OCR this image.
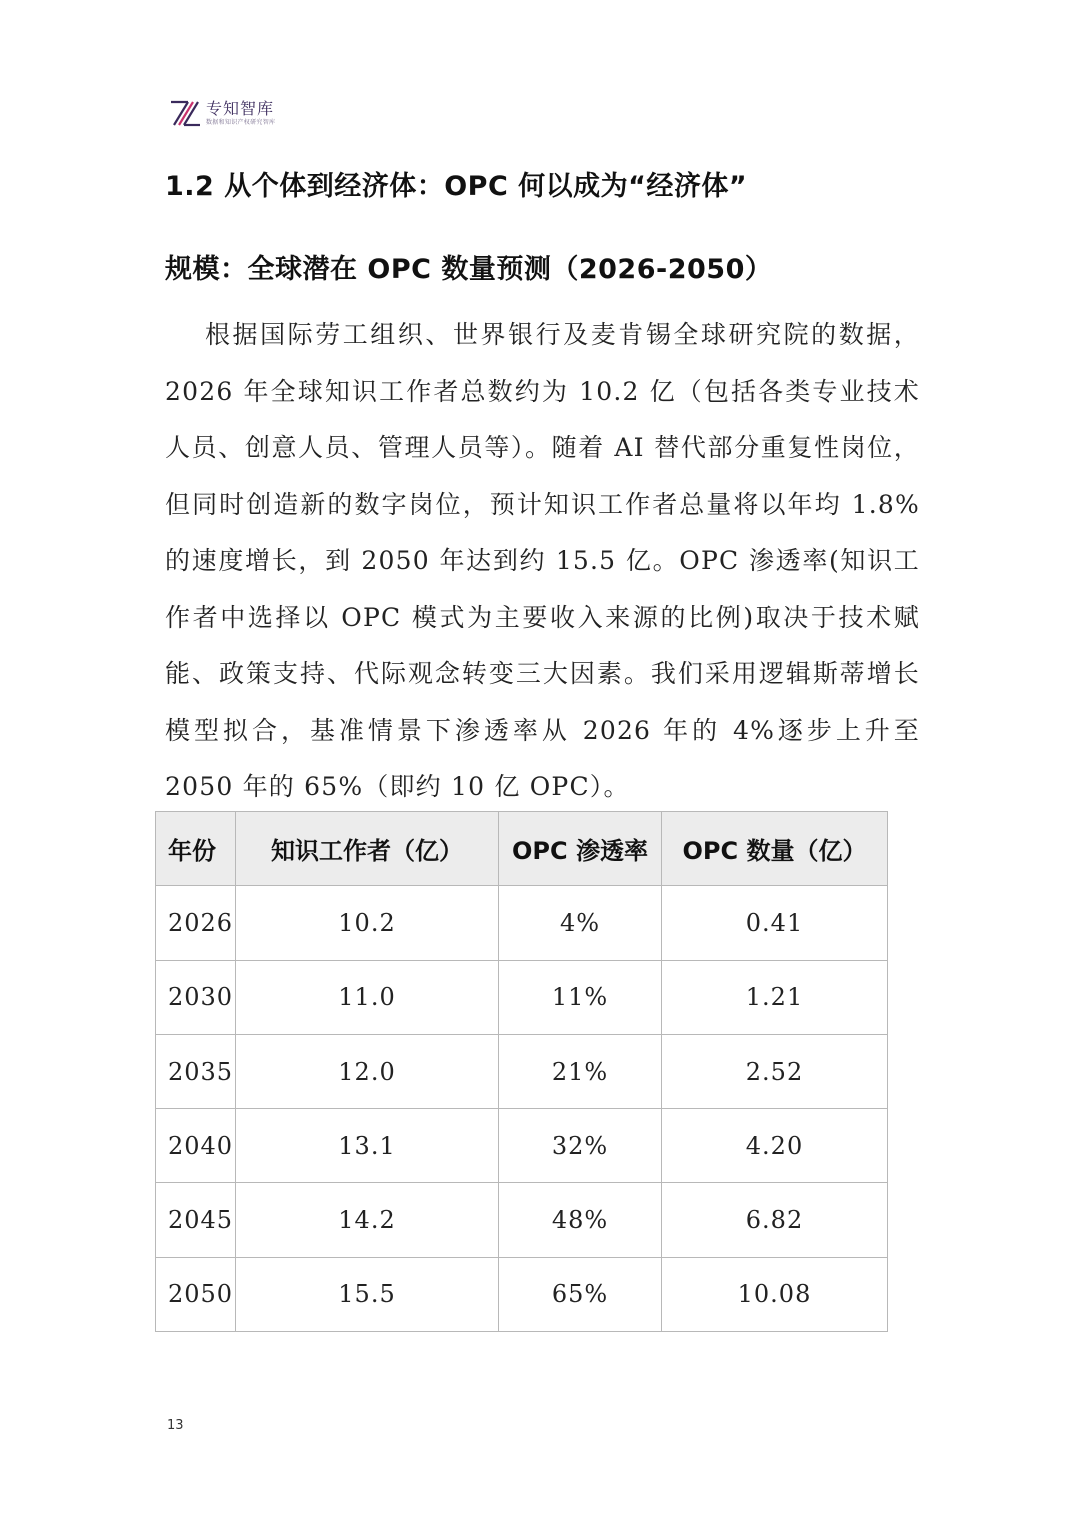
专知智库
数据和知识产权研究智库
1.2 从个体到经济体：OPC 何以成为“经济体”
规模：全球潜在 OPC 数量预测（2026-2050）

根据国际劳工组织、世界银行及麦肯锡全球研究院的数据，2026 年全球知识工作者总数约为 10.2 亿（包括各类专业技术人员、创意人员、管理人员等）。随着 AI 替代部分重复性岗位，但同时创造新的数字岗位，预计知识工作者总量将以年均 1.8%的速度增长，到 2050 年达到约 15.5 亿。OPC 渗透率(知识工作者中选择以 OPC 模式为主要收入来源的比例)取决于技术赋能、政策支持、代际观念转变三大因素。我们采用逻辑斯蒂增长模型拟合，基准情景下渗透率从 2026 年的 4%逐步上升至 2050 年的 65%（即约 10 亿 OPC）。

年份	知识工作者（亿）	OPC 渗透率	OPC 数量（亿）
2026	10.2	4%	0.41
2030	11.0	11%	1.21
2035	12.0	21%	2.52
2040	13.1	32%	4.20
2045	14.2	48%	6.82
2050	15.5	65%	10.08
13
